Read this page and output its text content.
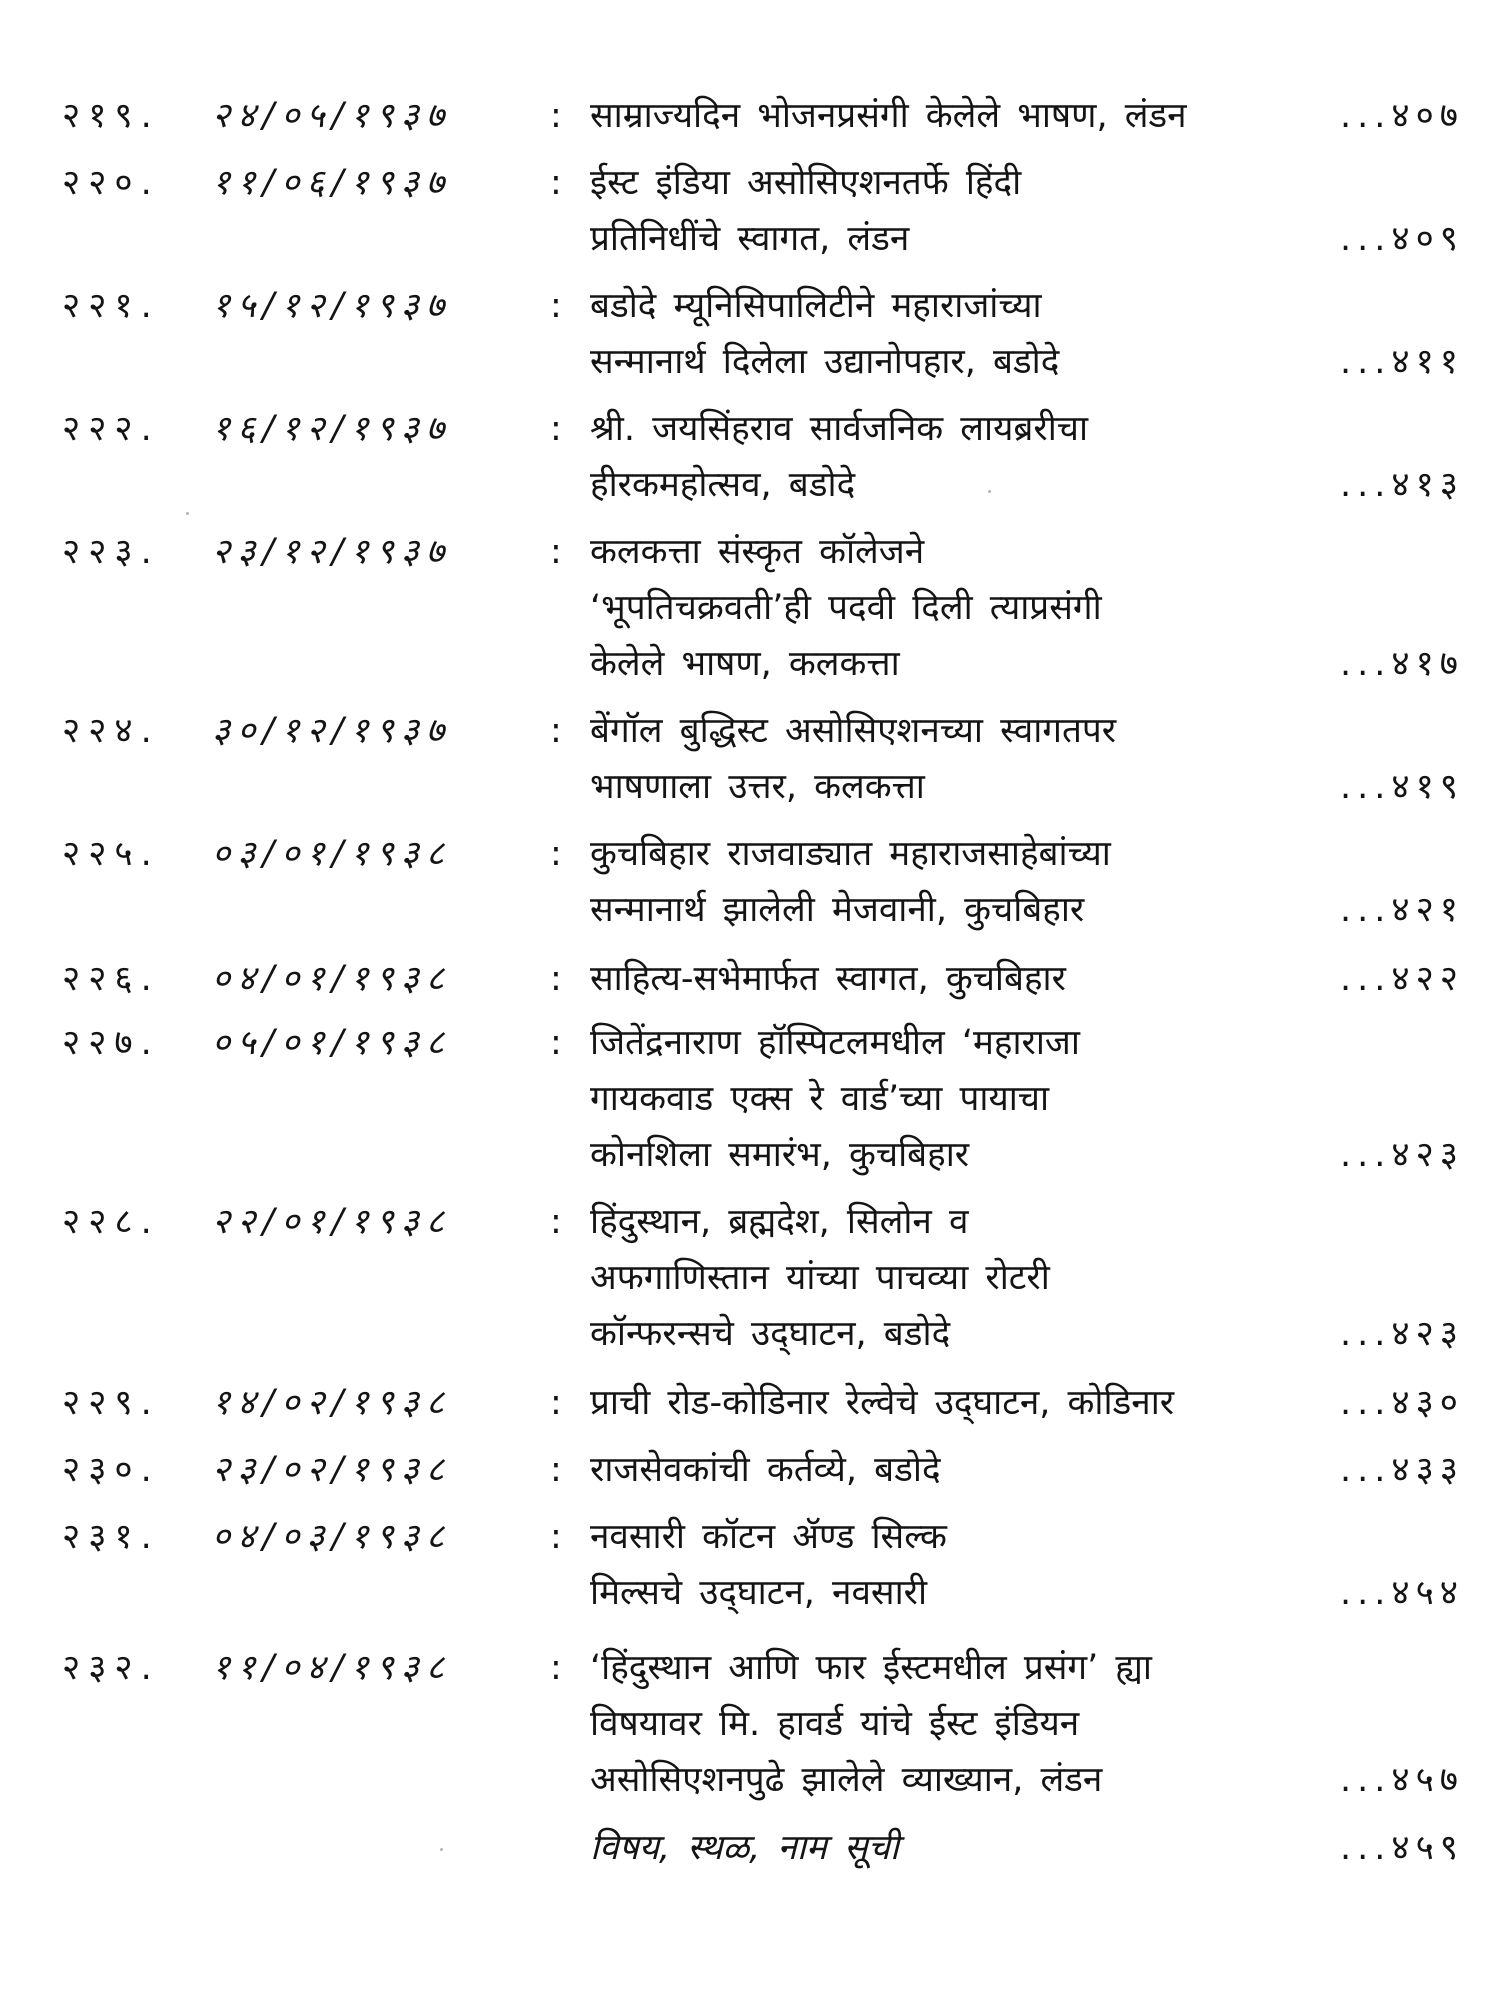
२१९.	२४/०५/१९३७	: साम्राज्यदिन भोजनप्रसंगी केलेले भाषण, लंडन	...४०७
२२०.	११/०६/१९३७	: ईस्ट इंडिया असोसिएशनतर्फे हिंदी
प्रतिनिधींचे स्वागत, लंडन	...४०९
२२१.	१५/१२/१९३७	: बडोदे म्यूनिसिपालिटीने महाराजांच्या
सन्मानार्थ दिलेला उद्यानोपहार, बडोदे	...४११
२२२.	१६/१२/१९३७	: श्री. जयसिंहराव सार्वजनिक लायब्ररीचा
हीरकमहोत्सव, बडोदे	...४१३
२२३.	२३/१२/१९३७	: कलकत्ता संस्कृत कॉलेजने
‘भूपतिचक्रवती’ही पदवी दिली त्याप्रसंगी
केलेले भाषण, कलकत्ता	...४१७
२२४.	३०/१२/१९३७	: बेंगॉल बुद्धिस्ट असोसिएशनच्या स्वागतपर
भाषणाला उत्तर, कलकत्ता	...४१९
२२५.	०३/०१/१९३८	: कुचबिहार राजवाड्यात महाराजसाहेबांच्या
सन्मानार्थ झालेली मेजवानी, कुचबिहार	...४२१
२२६.	०४/०१/१९३८	: साहित्य-सभेमार्फत स्वागत, कुचबिहार	...४२२
२२७.	०५/०१/१९३८	: जितेंद्रनाराण हॉस्पिटलमधील ‘महाराजा
गायकवाड एक्स रे वार्ड’च्या पायाचा
कोनशिला समारंभ, कुचबिहार	...४२३
२२८.	२२/०१/१९३८	: हिंदुस्थान, ब्रह्मदेश, सिलोन व
अफगाणिस्तान यांच्या पाचव्या रोटरी
कॉन्फरन्सचे उद्‌घाटन, बडोदे	...४२३
२२९.	१४/०२/१९३८	: प्राची रोड-कोडिनार रेल्वेचे उद्‌घाटन, कोडिनार	...४३०
२३०.	२३/०२/१९३८	: राजसेवकांची कर्तव्ये, बडोदे	...४३३
२३१.	०४/०३/१९३८	: नवसारी कॉटन ॲण्ड सिल्क
मिल्सचे उद्‌घाटन, नवसारी	...४५४
२३२.	११/०४/१९३८	: ‘हिंदुस्थान आणि फार ईस्टमधील प्रसंग’ ह्या
विषयावर मि. हावर्ड यांचे ईस्ट इंडियन
असोसिएशनपुढे झालेले व्याख्यान, लंडन	...४५७
विषय, स्थळ, नाम सूची	...४५९
